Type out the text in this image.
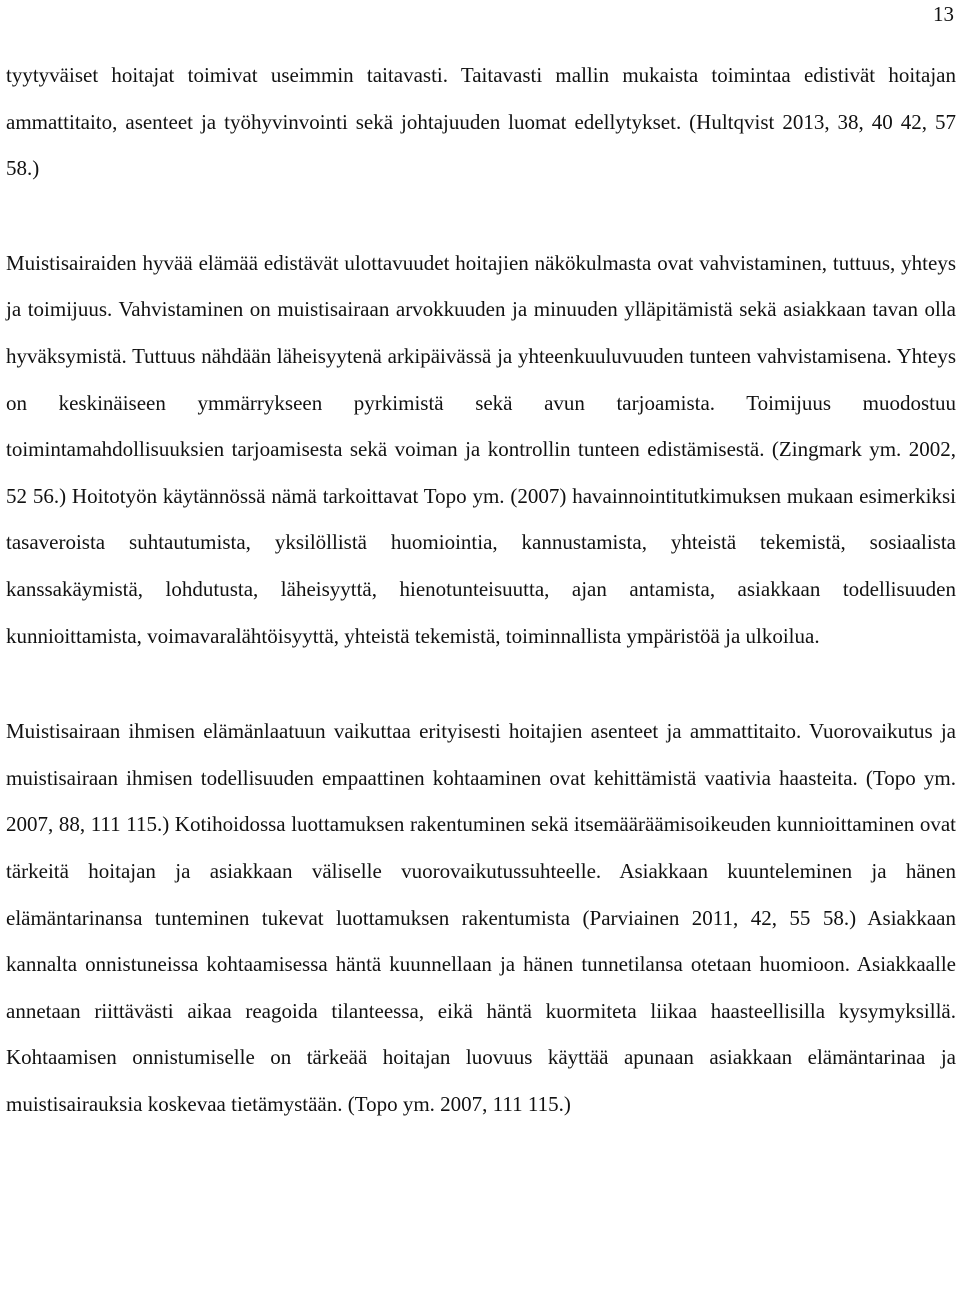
13

tyytyväiset hoitajat toimivat useimmin taitavasti. Taitavasti mallin mukaista toimintaa edistivät hoitajan ammattitaito, asenteet ja työhyvinvointi sekä johtajuuden luomat edellytykset. (Hultqvist 2013, 38, 40 42, 57 58.)

Muistisairaiden hyvää elämää edistävät ulottavuudet hoitajien näkökulmasta ovat vahvistaminen, tuttuus, yhteys ja toimijuus. Vahvistaminen on muistisairaan arvokkuuden ja minuuden ylläpitämistä sekä asiakkaan tavan olla hyväksymistä. Tuttuus nähdään läheisyytenä arkipäivässä ja yhteenkuuluvuuden tunteen vahvistamisena. Yhteys on keskinäiseen ymmärrykseen pyrkimistä sekä avun tarjoamista. Toimijuus muodostuu toimintamahdollisuuksien tarjoamisesta sekä voiman ja kontrollin tunteen edistämisestä. (Zingmark ym. 2002, 52 56.) Hoitotyön käytännössä nämä tarkoittavat Topo ym. (2007) havainnointitutkimuksen mukaan esimerkiksi tasaveroista suhtautumista, yksilöllistä huomiointia, kannustamista, yhteistä tekemistä, sosiaalista kanssakäymistä, lohdutusta, läheisyyttä, hienotunteisuutta, ajan antamista, asiakkaan todellisuuden kunnioittamista, voimavaralähtöisyyttä, yhteistä tekemistä, toiminnallista ympäristöä ja ulkoilua.

Muistisairaan ihmisen elämänlaatuun vaikuttaa erityisesti hoitajien asenteet ja ammattitaito. Vuorovaikutus ja muistisairaan ihmisen todellisuuden empaattinen kohtaaminen ovat kehittämistä vaativia haasteita. (Topo ym. 2007, 88, 111 115.) Kotihoidossa luottamuksen rakentuminen sekä itsemääräämisoikeuden kunnioittaminen ovat tärkeitä hoitajan ja asiakkaan väliselle vuorovaikutussuhteelle. Asiakkaan kuunteleminen ja hänen elämäntarinansa tunteminen tukevat luottamuksen rakentumista (Parviainen 2011, 42, 55 58.) Asiakkaan kannalta onnistuneissa kohtaamisessa häntä kuunnellaan ja hänen tunnetilansa otetaan huomioon. Asiakkaalle annetaan riittävästi aikaa reagoida tilanteessa, eikä häntä kuormiteta liikaa haasteellisilla kysymyksillä. Kohtaamisen onnistumiselle on tärkeää hoitajan luovuus käyttää apunaan asiakkaan elämäntarinaa ja muistisairauksia koskevaa tietämystään. (Topo ym. 2007, 111 115.)
